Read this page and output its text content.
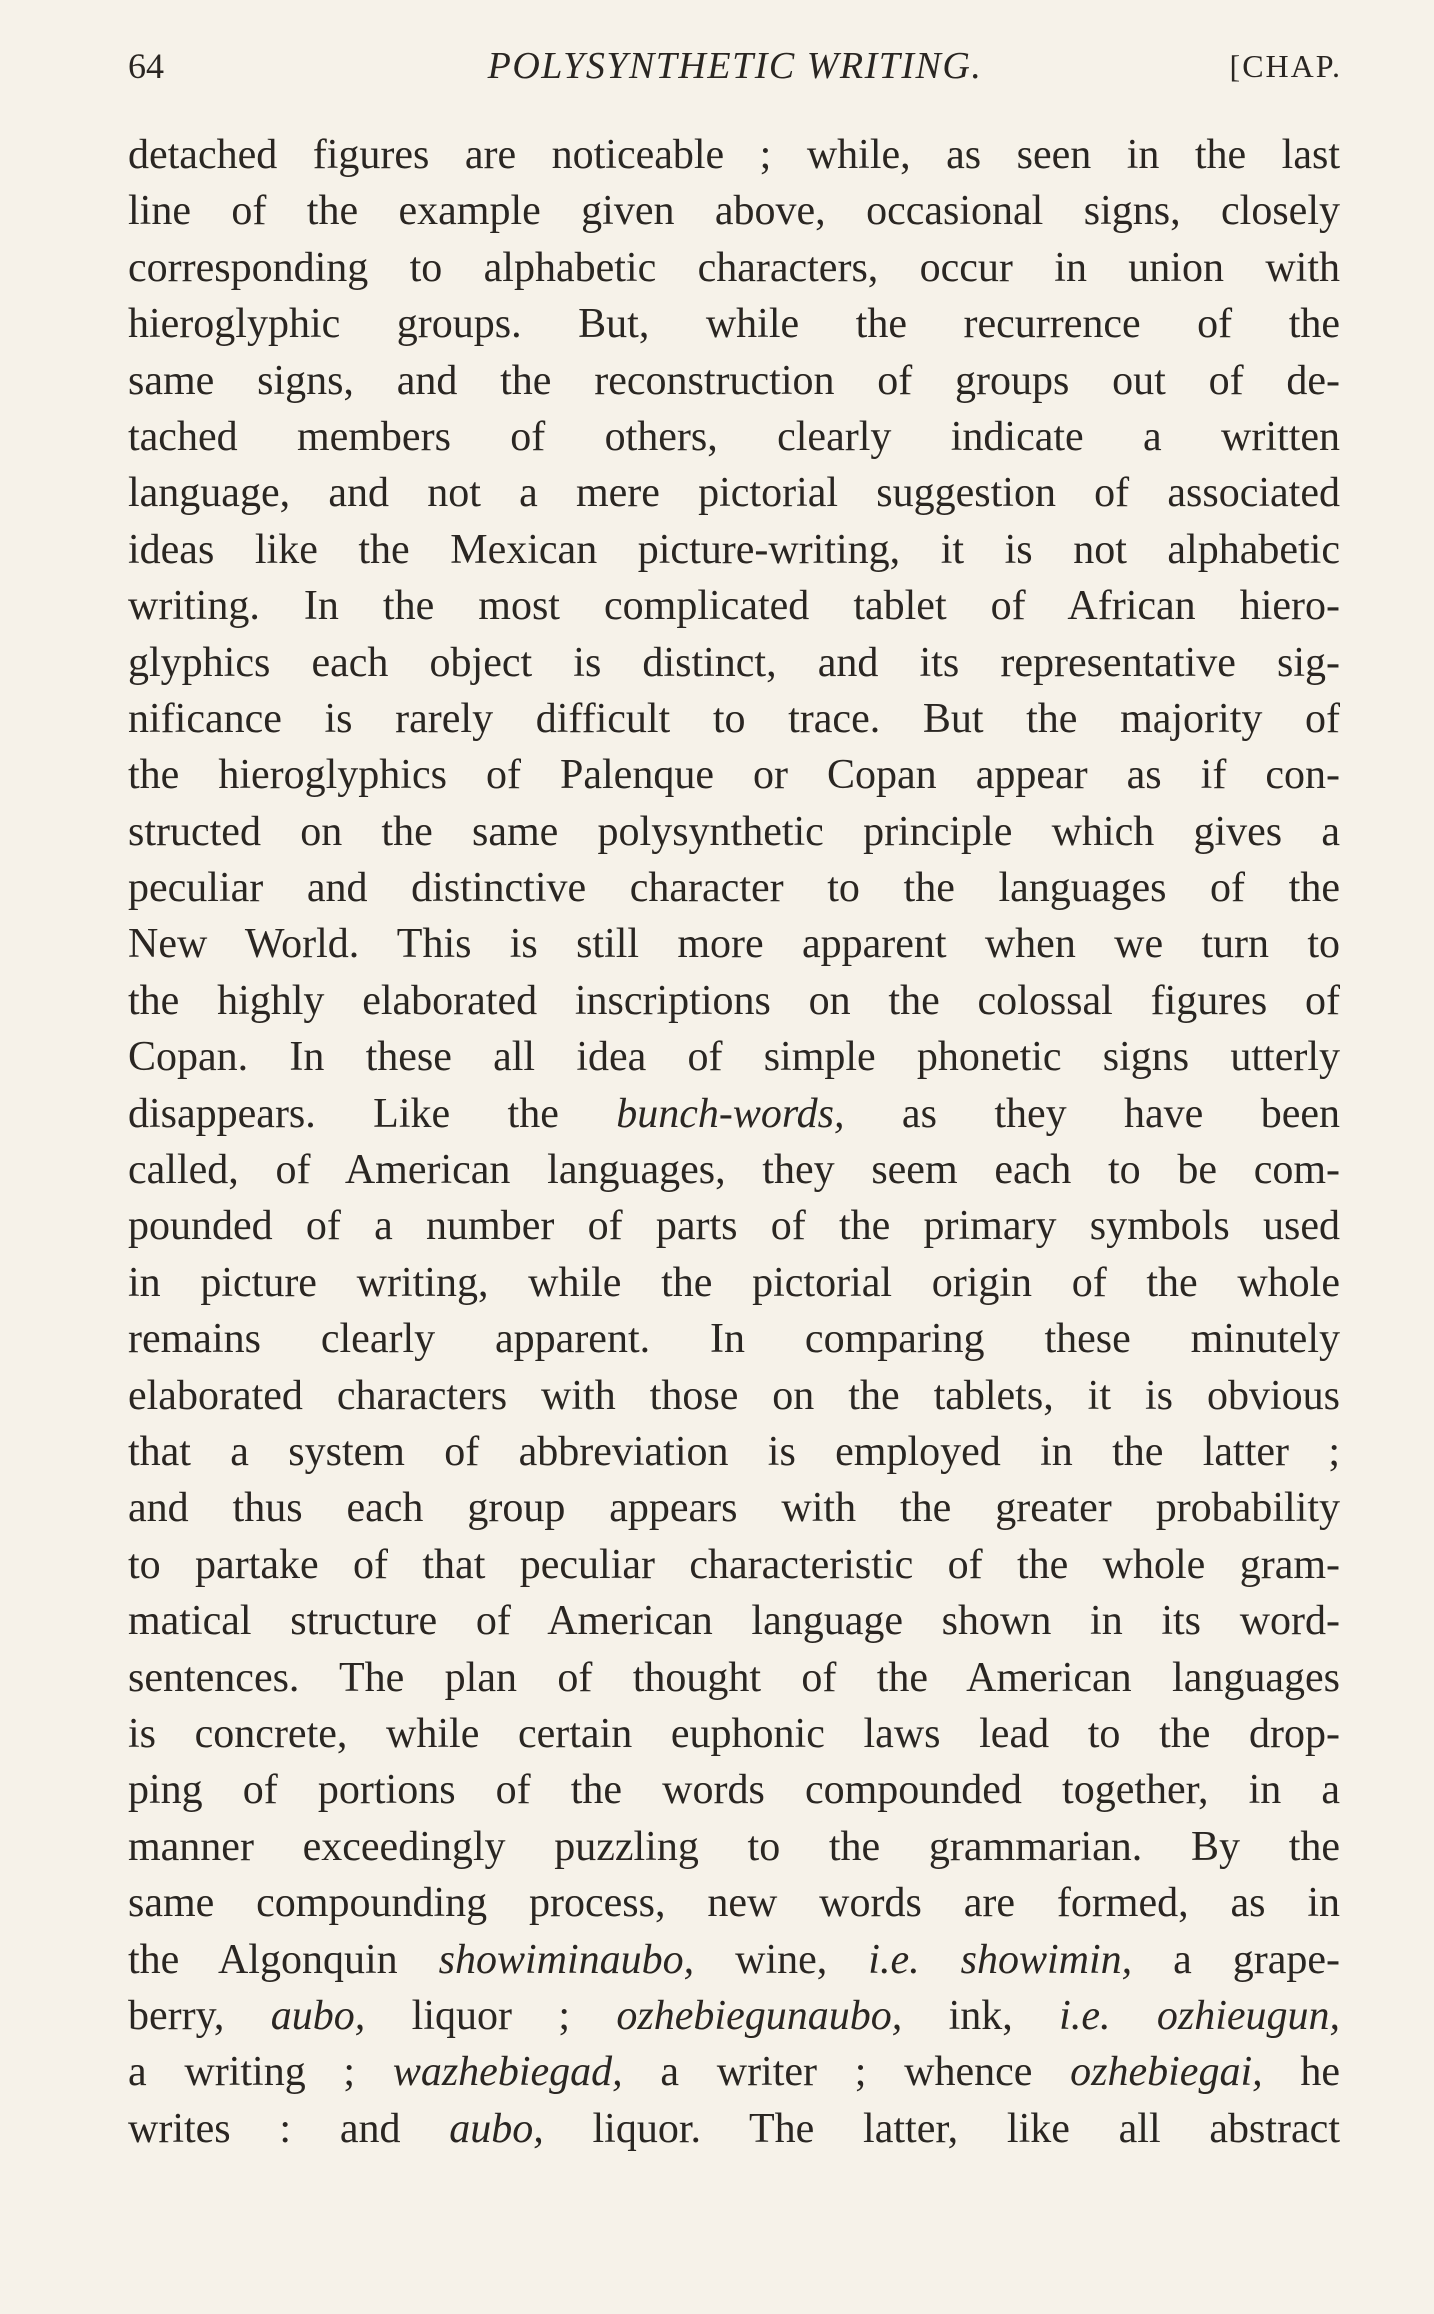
64	POLYSYNTHETIC WRITING.	[CHAP.
detached figures are noticeable ; while, as seen in the last
line of the example given above, occasional signs, closely
corresponding to alphabetic characters, occur in union with
hieroglyphic groups. But, while the recurrence of the
same signs, and the reconstruction of groups out of de-
tached members of others, clearly indicate a written
language, and not a mere pictorial suggestion of associated
ideas like the Mexican picture-writing, it is not alphabetic
writing. In the most complicated tablet of African hiero-
glyphics each object is distinct, and its representative sig-
nificance is rarely difficult to trace. But the majority of
the hieroglyphics of Palenque or Copan appear as if con-
structed on the same polysynthetic principle which gives a
peculiar and distinctive character to the languages of the
New World. This is still more apparent when we turn to
the highly elaborated inscriptions on the colossal figures of
Copan. In these all idea of simple phonetic signs utterly
disappears. Like the bunch-words, as they have been
called, of American languages, they seem each to be com-
pounded of a number of parts of the primary symbols used
in picture writing, while the pictorial origin of the whole
remains clearly apparent. In comparing these minutely
elaborated characters with those on the tablets, it is obvious
that a system of abbreviation is employed in the latter ;
and thus each group appears with the greater probability
to partake of that peculiar characteristic of the whole gram-
matical structure of American language shown in its word-
sentences. The plan of thought of the American languages
is concrete, while certain euphonic laws lead to the drop-
ping of portions of the words compounded together, in a
manner exceedingly puzzling to the grammarian. By the
same compounding process, new words are formed, as in
the Algonquin showiminaubo, wine, i.e. showimin, a grape-
berry, aubo, liquor ; ozhebiegunaubo, ink, i.e. ozhieugun,
a writing ; wazhebiegad, a writer ; whence ozhebiegai, he
writes : and aubo, liquor. The latter, like all abstract
